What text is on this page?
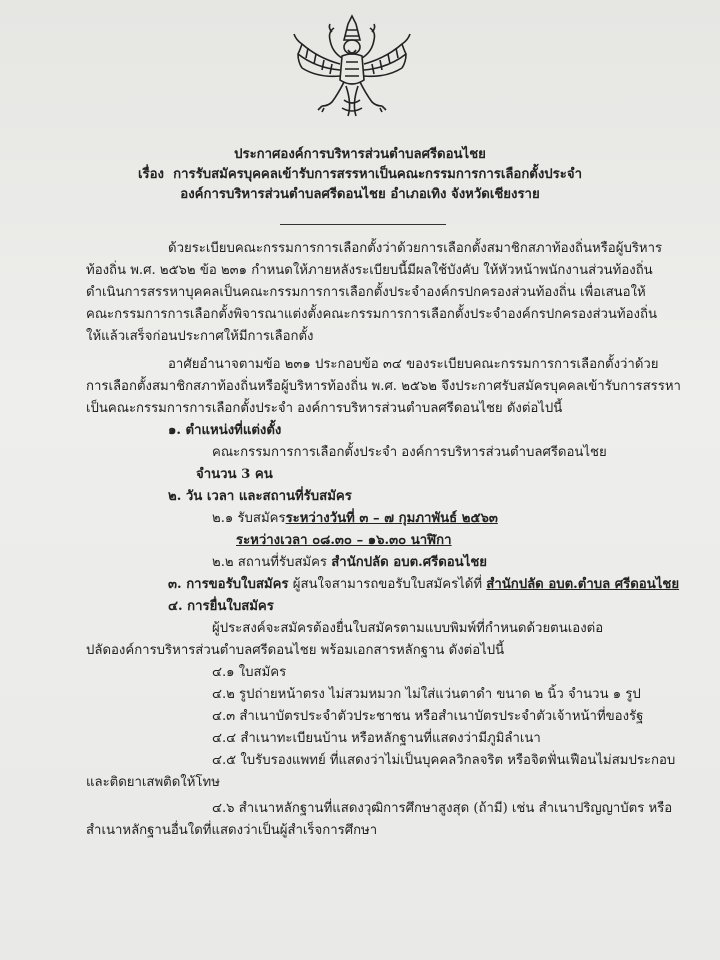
ประกาศองค์การบริหารส่วนตำบลศรีดอนไชย
เรื่อง การรับสมัครบุคคลเข้ารับการสรรหาเป็นคณะกรรมการการเลือกตั้งประจำ
องค์การบริหารส่วนตำบลศรีดอนไชย อำเภอเทิง จังหวัดเชียงราย
ด้วยระเบียบคณะกรรมการการเลือกตั้งว่าด้วยการเลือกตั้งสมาชิกสภาท้องถิ่นหรือผู้บริหาร
ท้องถิ่น พ.ศ. ๒๕๖๒ ข้อ ๒๓๑ กำหนดให้ภายหลังระเบียบนี้มีผลใช้บังคับ ให้หัวหน้าพนักงานส่วนท้องถิ่น
ดำเนินการสรรหาบุคคลเป็นคณะกรรมการการเลือกตั้งประจำองค์กรปกครองส่วนท้องถิ่น เพื่อเสนอให้
คณะกรรมการการเลือกตั้งพิจารณาแต่งตั้งคณะกรรมการการเลือกตั้งประจำองค์กรปกครองส่วนท้องถิ่น
ให้แล้วเสร็จก่อนประกาศให้มีการเลือกตั้ง
อาศัยอำนาจตามข้อ ๒๓๑ ประกอบข้อ ๓๔ ของระเบียบคณะกรรมการการเลือกตั้งว่าด้วย
การเลือกตั้งสมาชิกสภาท้องถิ่นหรือผู้บริหารท้องถิ่น พ.ศ. ๒๕๖๒ จึงประกาศรับสมัครบุคคลเข้ารับการสรรหา
เป็นคณะกรรมการการเลือกตั้งประจำ องค์การบริหารส่วนตำบลศรีดอนไชย ดังต่อไปนี้
๑. ตำแหน่งที่แต่งตั้ง
คณะกรรมการการเลือกตั้งประจำ องค์การบริหารส่วนตำบลศรีดอนไชย
จำนวน 3 คน
๒. วัน เวลา และสถานที่รับสมัคร
๒.๑ รับสมัครระหว่างวันที่ ๓ – ๗ กุมภาพันธ์ ๒๕๖๓
ระหว่างเวลา ๐๘.๓๐ – ๑๖.๓๐ นาฬิกา
๒.๒ สถานที่รับสมัคร สำนักปลัด อบต.ศรีดอนไชย
๓. การขอรับใบสมัคร ผู้สนใจสามารถขอรับใบสมัครได้ที่ สำนักปลัด อบต.ตำบล ศรีดอนไชย
๔. การยื่นใบสมัคร
ผู้ประสงค์จะสมัครต้องยื่นใบสมัครตามแบบพิมพ์ที่กำหนดด้วยตนเองต่อ
ปลัดองค์การบริหารส่วนตำบลศรีดอนไชย พร้อมเอกสารหลักฐาน ดังต่อไปนี้
๔.๑ ใบสมัคร
๔.๒ รูปถ่ายหน้าตรง ไม่สวมหมวก ไม่ใส่แว่นตาดำ ขนาด ๒ นิ้ว จำนวน ๑ รูป
๔.๓ สำเนาบัตรประจำตัวประชาชน หรือสำเนาบัตรประจำตัวเจ้าหน้าที่ของรัฐ
๔.๔ สำเนาทะเบียนบ้าน หรือหลักฐานที่แสดงว่ามีภูมิลำเนา
๔.๕ ใบรับรองแพทย์ ที่แสดงว่าไม่เป็นบุคคลวิกลจริต หรือจิตฟั่นเฟือนไม่สมประกอบ
และติดยาเสพติดให้โทษ
๔.๖ สำเนาหลักฐานที่แสดงวุฒิการศึกษาสูงสุด (ถ้ามี) เช่น สำเนาปริญญาบัตร หรือ
สำเนาหลักฐานอื่นใดที่แสดงว่าเป็นผู้สำเร็จการศึกษา
